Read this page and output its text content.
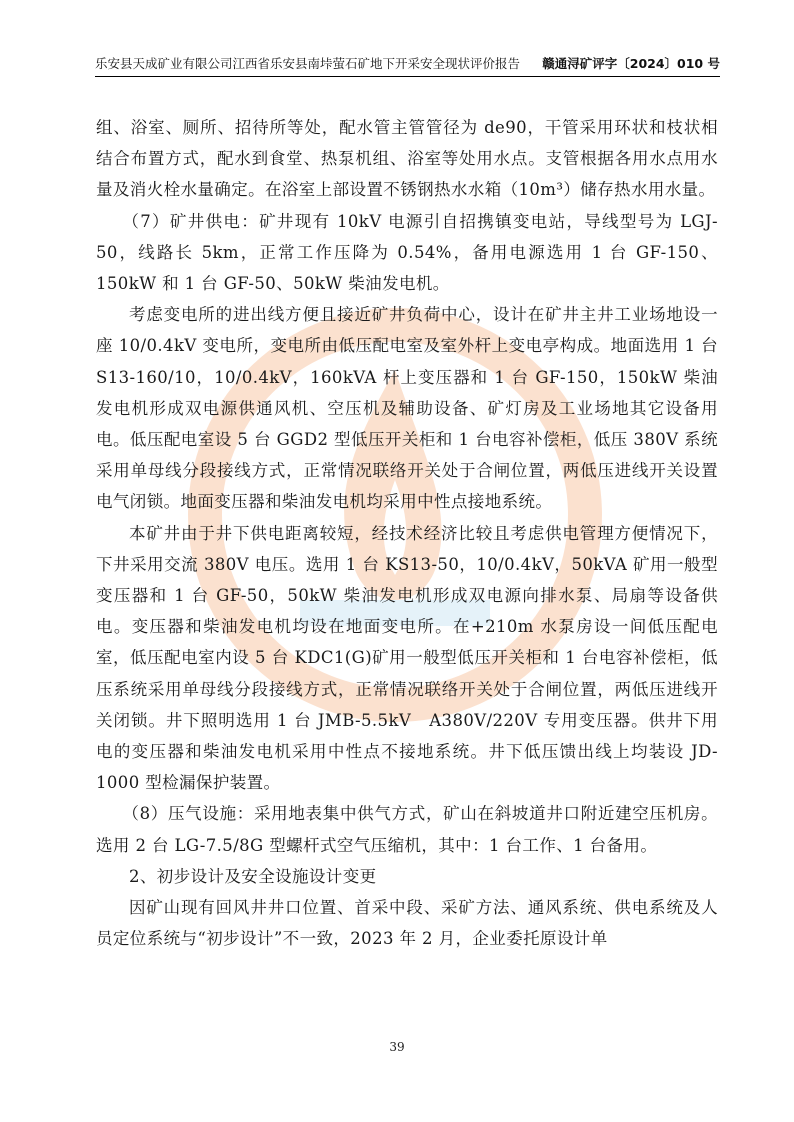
乐安县天成矿业有限公司江西省乐安县南垰萤石矿地下开采安全现状评价报告 赣通浔矿评字〔2024〕010 号

组、浴室、厕所、招待所等处，配水管主管管径为 de90，干管采用环状和枝状相结合布置方式，配水到食堂、热泵机组、浴室等处用水点。支管根据各用水点用水量及消火栓水量确定。在浴室上部设置不锈钢热水水箱（10m³）储存热水用水量。

（7）矿井供电：矿井现有 10kV 电源引自招携镇变电站，导线型号为 LGJ-50，线路长 5km，正常工作压降为 0.54%，备用电源选用 1 台 GF-150、150kW 和 1 台 GF-50、50kW 柴油发电机。

考虑变电所的进出线方便且接近矿井负荷中心，设计在矿井主井工业场地设一座 10/0.4kV 变电所，变电所由低压配电室及室外杆上变电亭构成。地面选用 1 台 S13-160/10，10/0.4kV，160kVA 杆上变压器和 1 台 GF-150，150kW 柴油发电机形成双电源供通风机、空压机及辅助设备、矿灯房及工业场地其它设备用电。低压配电室设 5 台 GGD2 型低压开关柜和 1 台电容补偿柜，低压 380V 系统采用单母线分段接线方式，正常情况联络开关处于合闸位置，两低压进线开关设置电气闭锁。地面变压器和柴油发电机均采用中性点接地系统。

本矿井由于井下供电距离较短，经技术经济比较且考虑供电管理方便情况下，下井采用交流 380V 电压。选用 1 台 KS13-50，10/0.4kV，50kVA 矿用一般型变压器和 1 台 GF-50，50kW 柴油发电机形成双电源向排水泵、局扇等设备供电。变压器和柴油发电机均设在地面变电所。在+210m 水泵房设一间低压配电室，低压配电室内设 5 台 KDC1(G)矿用一般型低压开关柜和 1 台电容补偿柜，低压系统采用单母线分段接线方式，正常情况联络开关处于合闸位置，两低压进线开关闭锁。井下照明选用 1 台 JMB-5.5kV　A380V/220V 专用变压器。供井下用电的变压器和柴油发电机采用中性点不接地系统。井下低压馈出线上均装设 JD-1000 型检漏保护装置。

（8）压气设施：采用地表集中供气方式，矿山在斜坡道井口附近建空压机房。选用 2 台 LG-7.5/8G 型螺杆式空气压缩机，其中：1 台工作、1 台备用。

2、初步设计及安全设施设计变更

因矿山现有回风井井口位置、首采中段、采矿方法、通风系统、供电系统及人员定位系统与“初步设计”不一致，2023 年 2 月，企业委托原设计单

39
